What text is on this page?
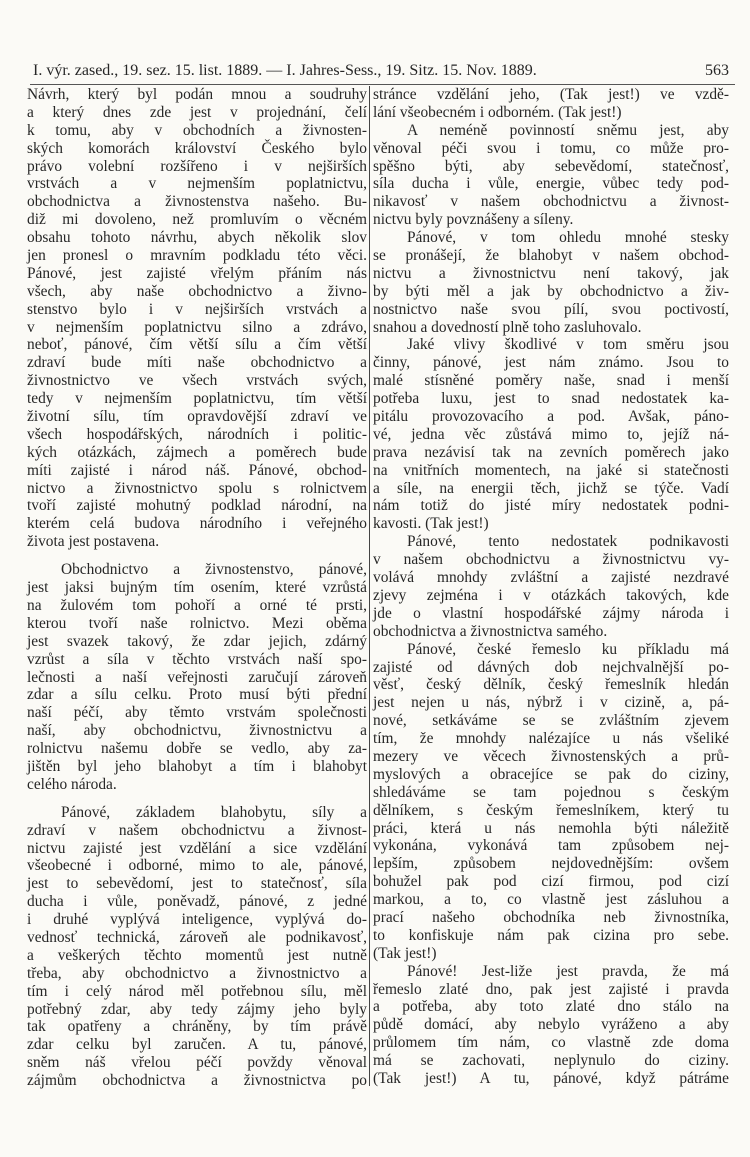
I. výr. zased., 19. sez. 15. list. 1889. — I. Jahres-Sess., 19. Sitz. 15. Nov. 1889.	563
Návrh, který byl podán mnou a soudruhy
a který dnes zde jest v projednání, čelí
k tomu, aby v obchodních a živnosten-
ských komorách království Českého bylo
právo volební rozšířeno i v nejširších
vrstvách a v nejmenším poplatnictvu,
obchodnictva a živnostenstva našeho. Bu-
diž mi dovoleno, než promluvím o věcném
obsahu tohoto návrhu, abych několik slov
jen pronesl o mravním podkladu této věci.
Pánové, jest zajisté vřelým přáním nás
všech, aby naše obchodnictvo a živno-
stenstvo bylo i v nejširších vrstvách a
v nejmenším poplatnictvu silno a zdrávo,
neboť, pánové, čím větší sílu a čím větší
zdraví bude míti naše obchodnictvo a
živnostnictvo ve všech vrstvách svých,
tedy v nejmenším poplatnictvu, tím větší
životní sílu, tím opravdovější zdraví ve
všech hospodářských, národních i politic-
kých otázkách, zájmech a poměrech bude
míti zajisté i národ náš. Pánové, obchod-
nictvo a živnostnictvo spolu s rolnictvem
tvoří zajisté mohutný podklad národní, na
kterém celá budova národního i veřejného
života jest postavena.
Obchodnictvo a živnostenstvo, pánové,
jest jaksi bujným tím osením, které vzrůstá
na žulovém tom pohoří a orné té prsti,
kterou tvoří naše rolnictvo. Mezi oběma
jest svazek takový, že zdar jejich, zdárný
vzrůst a síla v těchto vrstvách naší spo-
lečnosti a naší veřejnosti zaručují zároveň
zdar a sílu celku. Proto musí býti přední
naší péčí, aby těmto vrstvám společnosti
naší, aby obchodnictvu, živnostnictvu a
rolnictvu našemu dobře se vedlo, aby za-
jištěn byl jeho blahobyt a tím i blahobyt
celého národa.
Pánové, základem blahobytu, síly a
zdraví v našem obchodnictvu a živnost-
nictvu zajisté jest vzdělání a sice vzdělání
všeobecné i odborné, mimo to ale, pánové,
jest to sebevědomí, jest to statečnosť, síla
ducha i vůle, poněvadž, pánové, z jedné
i druhé vyplývá inteligence, vyplývá do-
vednosť technická, zároveň ale podnikavosť,
a veškerých těchto momentů jest nutně
třeba, aby obchodnictvo a živnostnictvo a
tím i celý národ měl potřebnou sílu, měl
potřebný zdar, aby tedy zájmy jeho byly
tak opatřeny a chráněny, by tím právě
zdar celku byl zaručen. A tu, pánové,
sněm náš vřelou péčí povždy věnoval
zájmům obchodnictva a živnostnictva po
stránce vzdělání jeho, (Tak jest!) ve vzdě-
lání všeobecném i odborném. (Tak jest!)
A neméně povinností sněmu jest, aby
věnoval péči svou i tomu, co může pro-
spěšno býti, aby sebevědomí, statečnosť,
síla ducha i vůle, energie, vůbec tedy pod-
nikavosť v našem obchodnictvu a živnost-
nictvu byly povznášeny a síleny.
Pánové, v tom ohledu mnohé stesky
se pronášejí, že blahobyt v našem obchod-
nictvu a živnostnictvu není takový, jak
by býti měl a jak by obchodnictvo a živ-
nostnictvo naše svou pílí, svou poctivostí,
snahou a dovedností plně toho zasluhovalo.
Jaké vlivy škodlivé v tom směru jsou
činny, pánové, jest nám známo. Jsou to
malé stísněné poměry naše, snad i menší
potřeba luxu, jest to snad nedostatek ka-
pitálu provozovacího a pod. Avšak, páno-
vé, jedna věc zůstává mimo to, jejíž ná-
prava nezávisí tak na zevních poměrech jako
na vnitřních momentech, na jaké si statečnosti
a síle, na energii těch, jichž se týče. Vadí
nám totiž do jisté míry nedostatek podni-
kavosti. (Tak jest!)
Pánové, tento nedostatek podnikavosti
v našem obchodnictvu a živnostnictvu vy-
volává mnohdy zvláštní a zajisté nezdravé
zjevy zejména i v otázkách takových, kde
jde o vlastní hospodářské zájmy národa i
obchodnictva a živnostnictva samého.
Pánové, české řemeslo ku příkladu má
zajisté od dávných dob nejchvalnější po-
věsť, český dělník, český řemeslník hledán
jest nejen u nás, nýbrž i v cizině, a, pá-
nové, setkáváme se se zvláštním zjevem
tím, že mnohdy nalézajíce u nás všeliké
mezery ve věcech živnostenských a prů-
myslových a obracejíce se pak do ciziny,
shledáváme se tam pojednou s českým
dělníkem, s českým řemeslníkem, který tu
práci, která u nás nemohla býti náležitě
vykonána, vykonává tam způsobem nej-
lepším, způsobem nejdovednějším: ovšem
bohužel pak pod cizí firmou, pod cizí
markou, a to, co vlastně jest zásluhou a
prací našeho obchodníka neb živnostníka,
to konfiskuje nám pak cizina pro sebe.
(Tak jest!)
Pánové! Jest-liže jest pravda, že má
řemeslo zlaté dno, pak jest zajisté i pravda
a potřeba, aby toto zlaté dno stálo na
půdě domácí, aby nebylo vyráženo a aby
průlomem tím nám, co vlastně zde doma
má se zachovati, neplynulo do ciziny.
(Tak jest!) A tu, pánové, když pátráme
